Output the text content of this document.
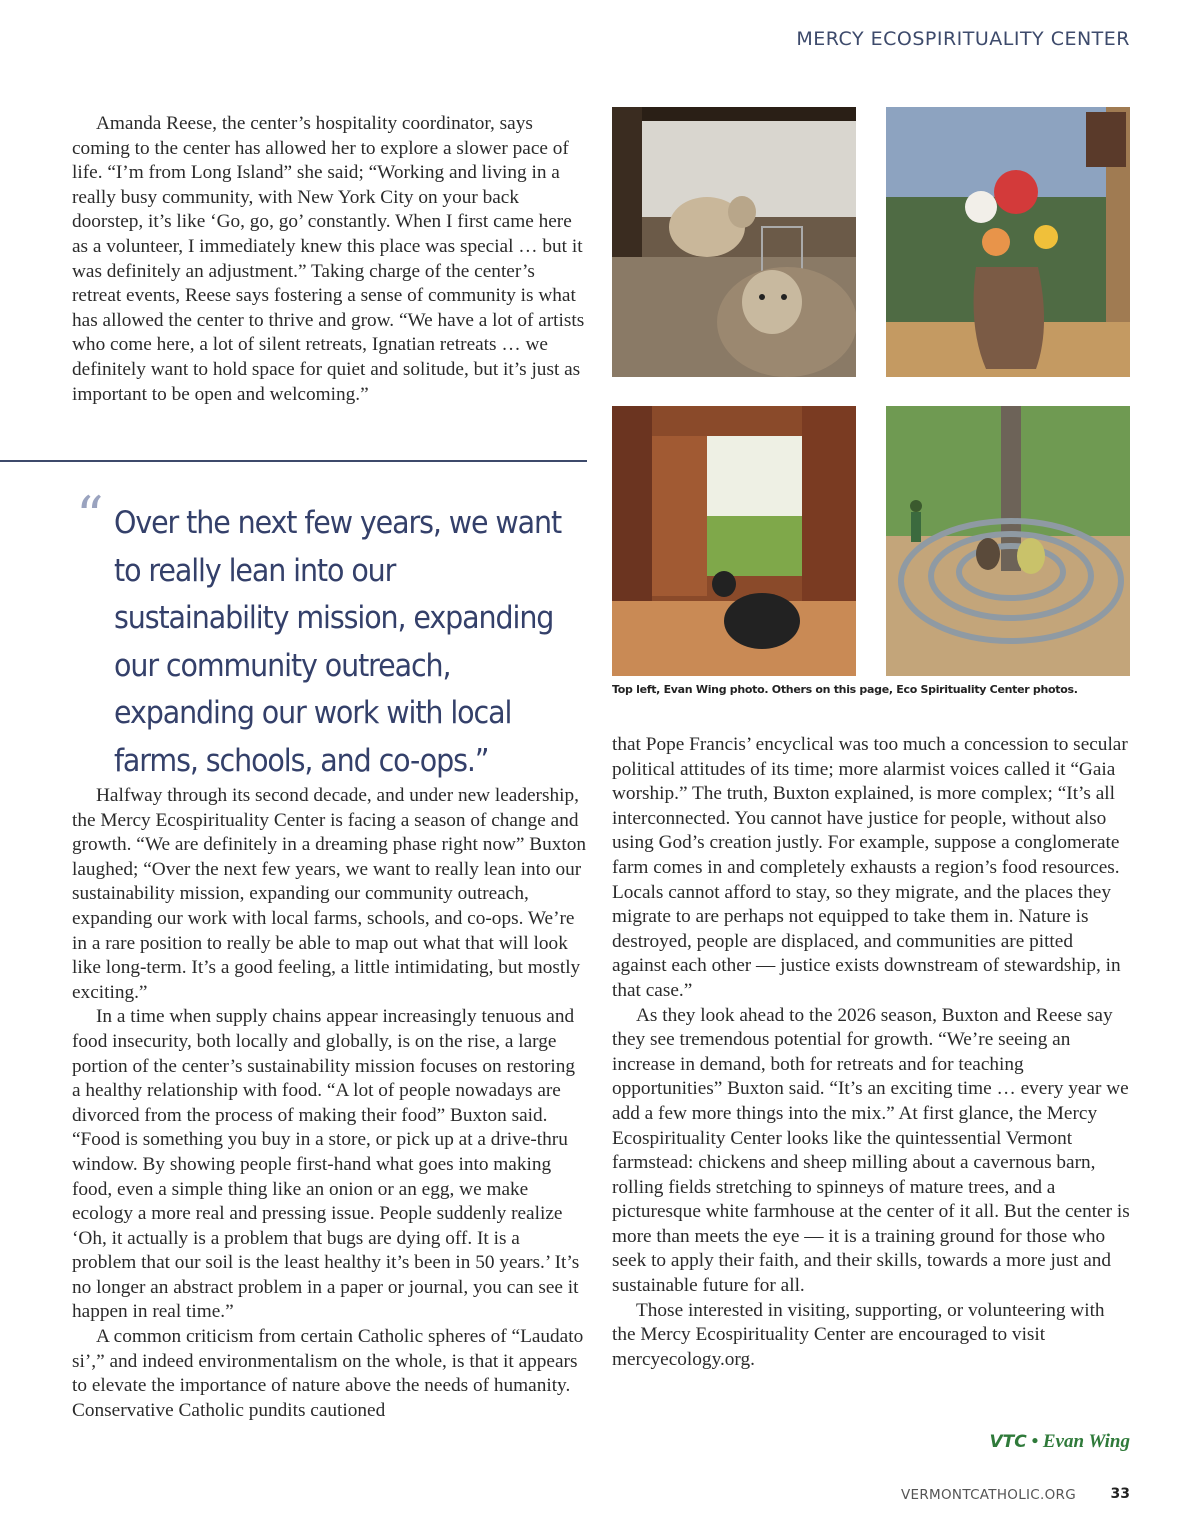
MERCY ECOSPIRITUALITY CENTER

Amanda Reese, the center’s hospitality coordinator, says coming to the center has allowed her to explore a slower pace of life. “I’m from Long Island” she said; “Working and living in a really busy community, with New York City on your back doorstep, it’s like ‘Go, go, go’ constantly. When I first came here as a volunteer, I immediately knew this place was special … but it was definitely an adjustment.” Taking charge of the center’s retreat events, Reese says fostering a sense of community is what has allowed the center to thrive and grow. “We have a lot of artists who come here, a lot of silent retreats, Ignatian retreats … we definitely want to hold space for quiet and solitude, but it’s just as important to be open and welcoming.”

“ Over the next few years, we want to really lean into our sustainability mission, expanding our community outreach, expanding our work with local farms, schools, and co-ops.”

Halfway through its second decade, and under new leadership, the Mercy Ecospirituality Center is facing a season of change and growth. “We are definitely in a dreaming phase right now” Buxton laughed; “Over the next few years, we want to really lean into our sustainability mission, expanding our community outreach, expanding our work with local farms, schools, and co-ops. We’re in a rare position to really be able to map out what that will look like long-term. It’s a good feeling, a little intimidating, but mostly exciting.”

In a time when supply chains appear increasingly tenuous and food insecurity, both locally and globally, is on the rise, a large portion of the center’s sustainability mission focuses on restoring a healthy relationship with food. “A lot of people nowadays are divorced from the process of making their food” Buxton said. “Food is something you buy in a store, or pick up at a drive-thru window. By showing people first-hand what goes into making food, even a simple thing like an onion or an egg, we make ecology a more real and pressing issue. People suddenly realize ‘Oh, it actually is a problem that bugs are dying off. It is a problem that our soil is the least healthy it’s been in 50 years.’ It’s no longer an abstract problem in a paper or journal, you can see it happen in real time.”

A common criticism from certain Catholic spheres of “Laudato si’,” and indeed environmentalism on the whole, is that it appears to elevate the importance of nature above the needs of humanity. Conservative Catholic pundits cautioned

Top left, Evan Wing photo. Others on this page, Eco Spirituality Center photos.

that Pope Francis’ encyclical was too much a concession to secular political attitudes of its time; more alarmist voices called it “Gaia worship.” The truth, Buxton explained, is more complex; “It’s all interconnected. You cannot have justice for people, without also using God’s creation justly. For example, suppose a conglomerate farm comes in and completely exhausts a region’s food resources. Locals cannot afford to stay, so they migrate, and the places they migrate to are perhaps not equipped to take them in. Nature is destroyed, people are displaced, and communities are pitted against each other — justice exists downstream of stewardship, in that case.”

As they look ahead to the 2026 season, Buxton and Reese say they see tremendous potential for growth. “We’re seeing an increase in demand, both for retreats and for teaching opportunities” Buxton said. “It’s an exciting time … every year we add a few more things into the mix.” At first glance, the Mercy Ecospirituality Center looks like the quintessential Vermont farmstead: chickens and sheep milling about a cavernous barn, rolling fields stretching to spinneys of mature trees, and a picturesque white farmhouse at the center of it all. But the center is more than meets the eye — it is a training ground for those who seek to apply their faith, and their skills, towards a more just and sustainable future for all.

Those interested in visiting, supporting, or volunteering with the Mercy Ecospirituality Center are encouraged to visit mercyecology.org.

VTC • Evan Wing
VERMONTCATHOLIC.ORG 33
